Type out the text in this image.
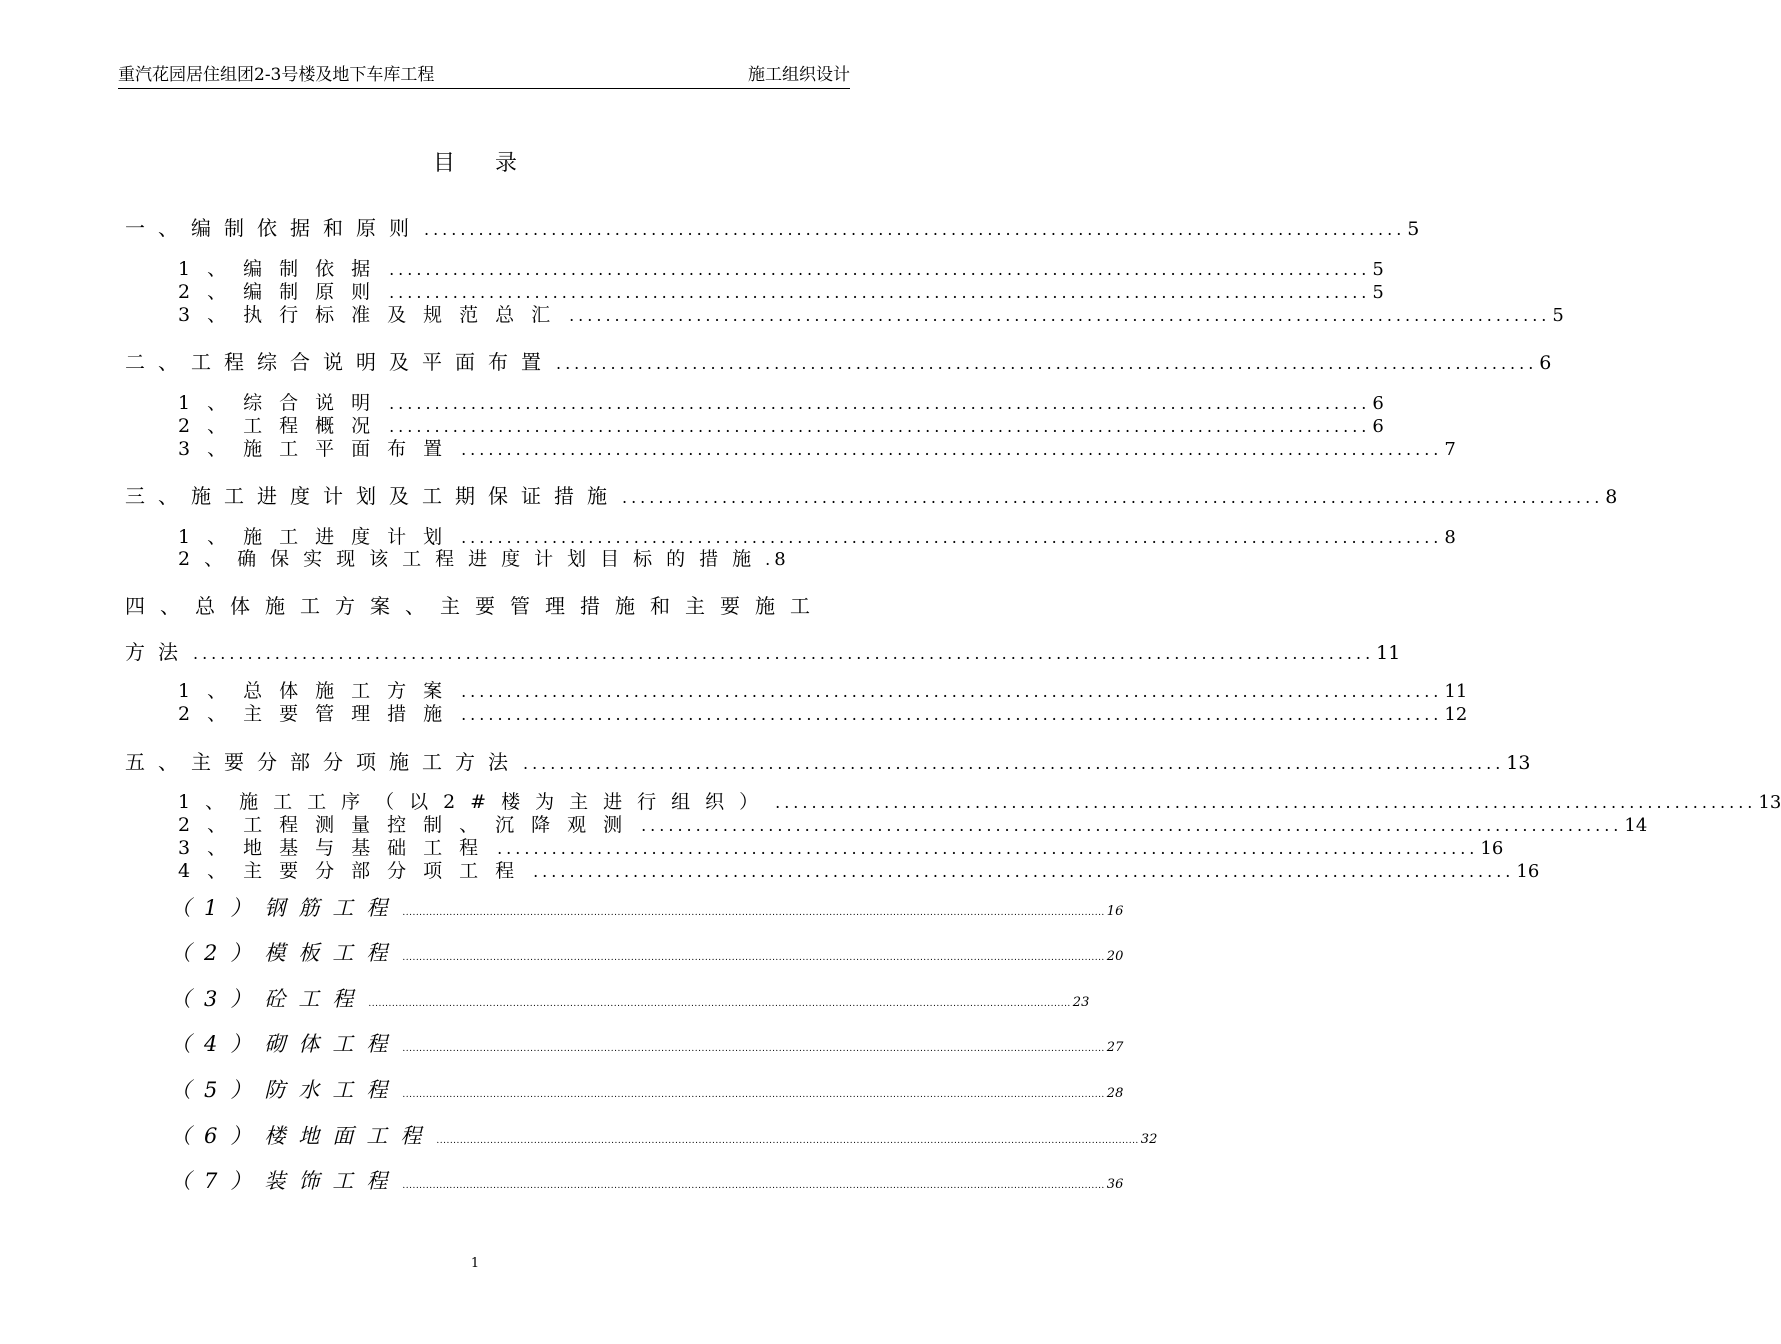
重汽花园居住组团2-3号楼及地下车库工程	施工组织设计
目录
一、编制依据和原则 ............................................................................................................ 5
1、编制依据 ............................................................................................................ 5
2、编制原则 ............................................................................................................ 5
3、执行标准及规范总汇 ............................................................................................................ 5
二、工程综合说明及平面布置 ............................................................................................................ 6
1、综合说明 ............................................................................................................ 6
2、工程概况 ............................................................................................................ 6
3、施工平面布置 ............................................................................................................ 7
三、施工进度计划及工期保证措施 ............................................................................................................ 8
1、施工进度计划 ............................................................................................................ 8
2、确保实现该工程进度计划目标的措施 . 8
四、总体施工方案、主要管理措施和主要施工
方法 .................................................................................................................................. 11
1、总体施工方案 ............................................................................................................ 11
2、主要管理措施 ............................................................................................................ 12
五、主要分部分项施工方法 ............................................................................................................ 13
1、施工工序（以2#楼为主进行组织） ............................................................................................................ 13
2、工程测量控制、沉降观测 ............................................................................................................ 14
3、地基与基础工程 ............................................................................................................ 16
4、主要分部分项工程 ............................................................................................................ 16
（1）钢筋工程 ................................................................................................................................................................................................................. 16
（2）模板工程 ................................................................................................................................................................................................................. 20
（3）砼工程 ................................................................................................................................................................................................................. 23
（4）砌体工程 ................................................................................................................................................................................................................. 27
（5）防水工程 ................................................................................................................................................................................................................. 28
（6）楼地面工程 ................................................................................................................................................................................................................. 32
（7）装饰工程 ................................................................................................................................................................................................................. 36
1
